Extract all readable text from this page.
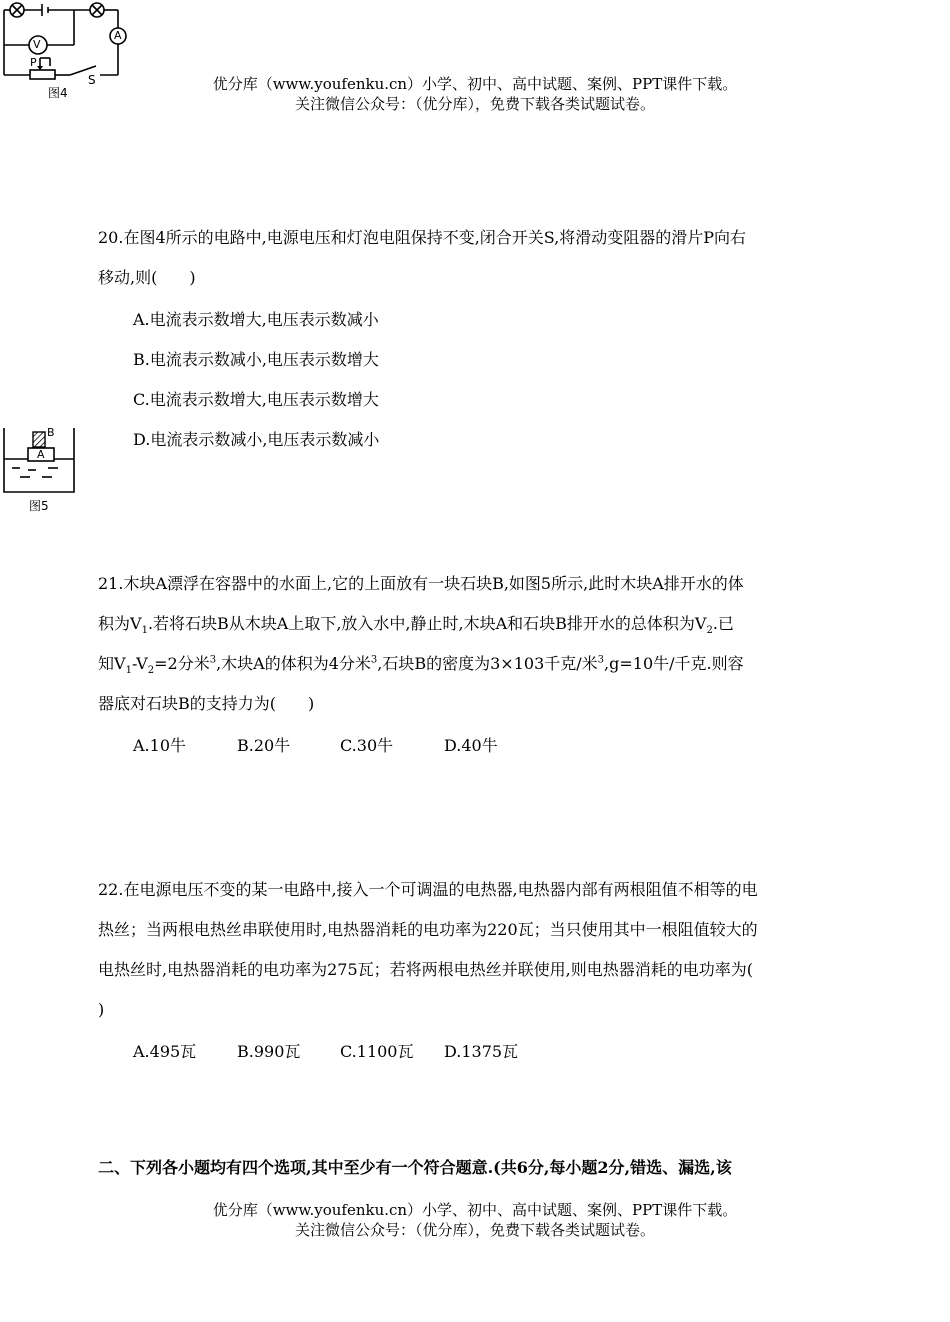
优分库（www.youfenku.cn）小学、初中、高中试题、案例、PPT课件下载。
关注微信公众号：（优分库），免费下载各类试题试卷。
V
A
P
S
图4
20.在图4所示的电路中,电源电压和灯泡电阻保持不变,闭合开关S,将滑动变阻器的滑片P向右
移动,则(　　)
A.电流表示数增大,电压表示数减小
B.电流表示数减小,电压表示数增大
C.电流表示数增大,电压表示数增大
D.电流表示数减小,电压表示数减小
A
B
图5
21.木块A漂浮在容器中的水面上,它的上面放有一块石块B,如图5所示,此时木块A排开水的体
积为$V_1$.若将石块B从木块A上取下,放入水中,静止时,木块A和石块B排开水的总体积为$V_2$.已
知$V_1-V_2=2$分米$^3$,木块A的体积为4分米$^3$,石块B的密度为3×103千克/米$^3$,g=10牛/千克.则容
器底对石块B的支持力为(　　)
A.10牛	B.20牛	C.30牛	D.40牛
22.在电源电压不变的某一电路中,接入一个可调温的电热器,电热器内部有两根阻值不相等的电
热丝；当两根电热丝串联使用时,电热器消耗的电功率为220瓦；当只使用其中一根阻值较大的
电热丝时,电热器消耗的电功率为275瓦；若将两根电热丝并联使用,则电热器消耗的电功率为(
)
A.495瓦	B.990瓦 C.1100瓦 D.1375瓦
二、下列各小题均有四个选项,其中至少有一个符合题意.(共6分,每小题2分,错选、漏选,该
优分库（www.youfenku.cn）小学、初中、高中试题、案例、PPT课件下载。
关注微信公众号：（优分库），免费下载各类试题试卷。
